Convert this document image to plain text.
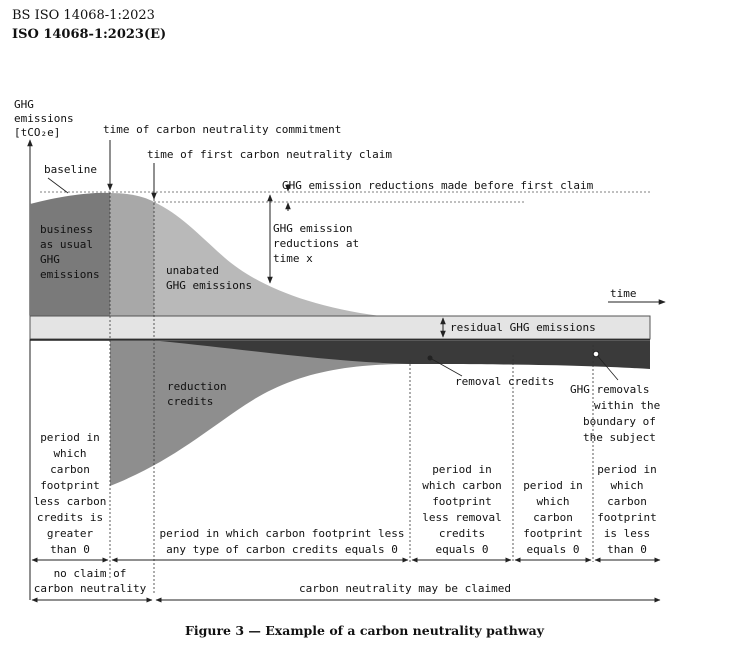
BS ISO 14068-1:2023
ISO 14068-1:2023(E)
GHG
emissions
[tCO₂e]	time of carbon neutrality commitment
time of first carbon neutrality claim
baseline
GHG emission reductions made before first claim
business
as usual
GHG
emissions
GHG emission
reductions at
time x
unabated
GHG emissions
time
residual GHG emissions
reduction
credits
removal credits
GHG removals
within the
boundary of
the subject
period in
which
carbon
footprint
less carbon
credits is
greater
than 0
period in which carbon footprint less
any type of carbon credits equals 0
period in
which carbon
footprint
less removal
credits
equals 0
period in
which
carbon
footprint
equals 0
period in
which
carbon
footprint
is less
than 0
no claim of
carbon neutrality	carbon neutrality may be claimed
Figure 3 — Example of a carbon neutrality pathway
